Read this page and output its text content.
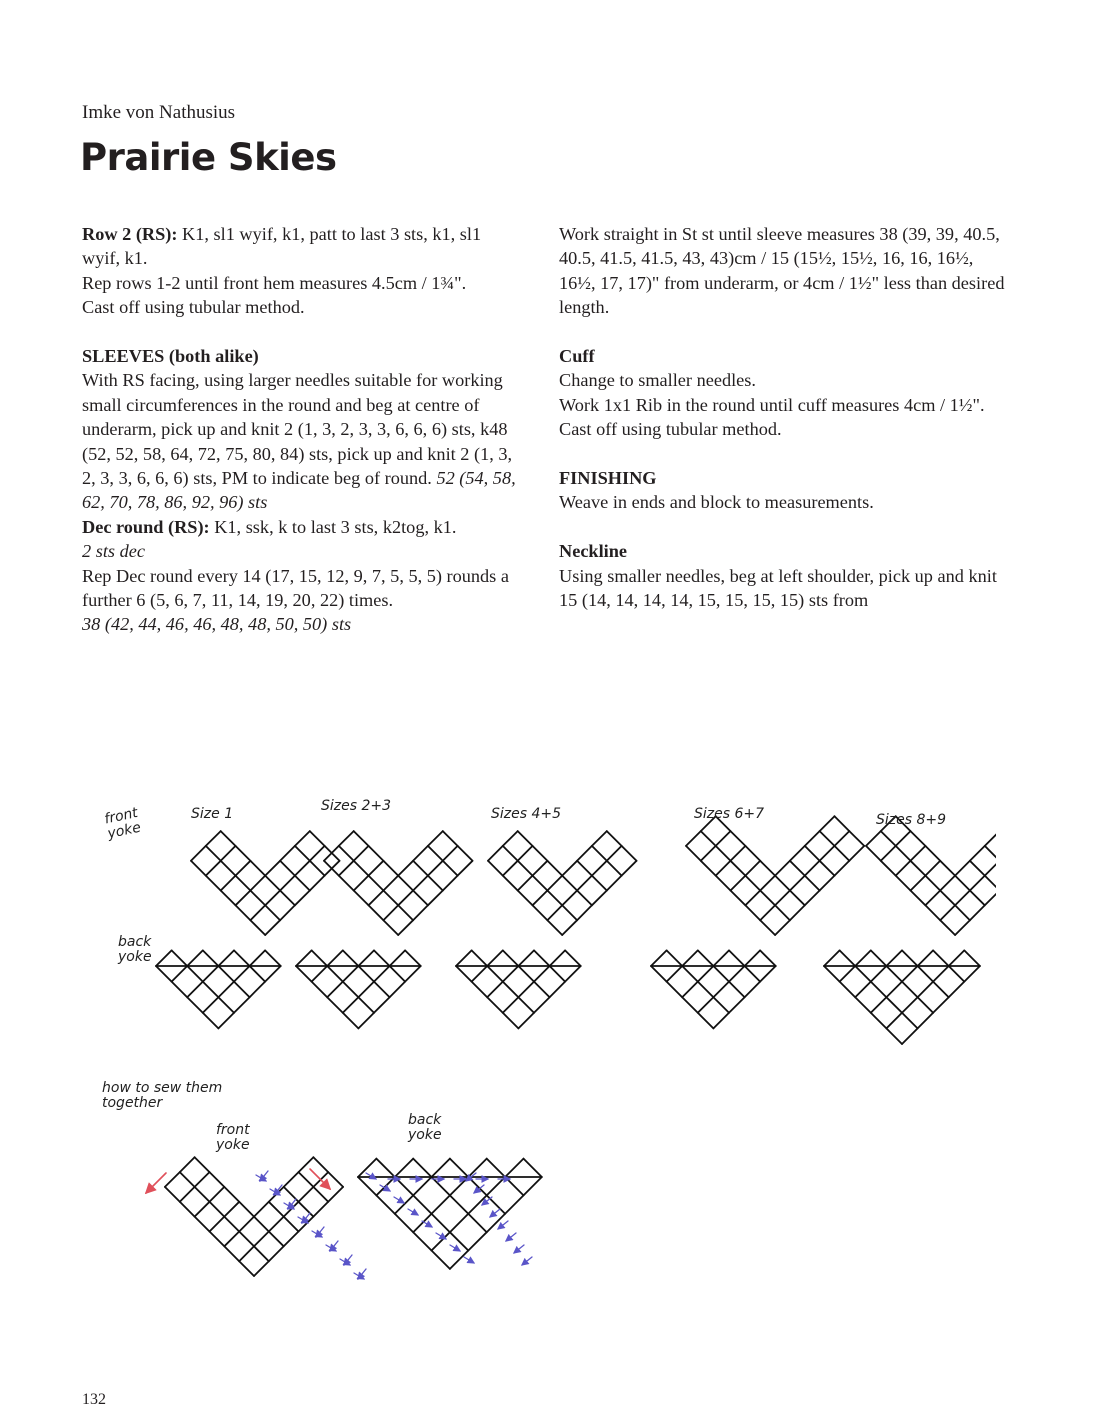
Imke von Nathusius
Prairie Skies

Row 2 (RS): K1, sl1 wyif, k1, patt to last 3 sts, k1, sl1 wyif, k1.

Rep rows 1-2 until front hem measures 4.5cm / 1¾".

Cast off using tubular method.

SLEEVES (both alike)

With RS facing, using larger needles suitable for working small circumferences in the round and beg at centre of underarm, pick up and knit 2 (1, 3, 2, 3, 3, 6, 6, 6) sts, k48 (52, 52, 58, 64, 72, 75, 80, 84) sts, pick up and knit 2 (1, 3, 2, 3, 3, 6, 6, 6) sts, PM to indicate beg of round. 52 (54, 58, 62, 70, 78, 86, 92, 96) sts

Dec round (RS): K1, ssk, k to last 3 sts, k2tog, k1.

2 sts dec

Rep Dec round every 14 (17, 15, 12, 9, 7, 5, 5, 5) rounds a further 6 (5, 6, 7, 11, 14, 19, 20, 22) times.

38 (42, 44, 46, 46, 48, 48, 50, 50) sts

Work straight in St st until sleeve measures 38 (39, 39, 40.5, 40.5, 41.5, 41.5, 43, 43)cm / 15 (15½, 15½, 16, 16, 16½, 16½, 17, 17)" from underarm, or 4cm / 1½" less than desired length.

Cuff

Change to smaller needles.

Work 1x1 Rib in the round until cuff measures 4cm / 1½".

Cast off using tubular method.

FINISHING

Weave in ends and block to measurements.

Neckline

Using smaller needles, beg at left shoulder, pick up and knit 15 (14, 14, 14, 14, 15, 15, 15, 15) sts from

front
yoke
back
yoke
Size 1	Sizes 2+3	Sizes 4+5	Sizes 6+7	Sizes 8+9
how to sew them
together
front
yoke
back
yoke
132
